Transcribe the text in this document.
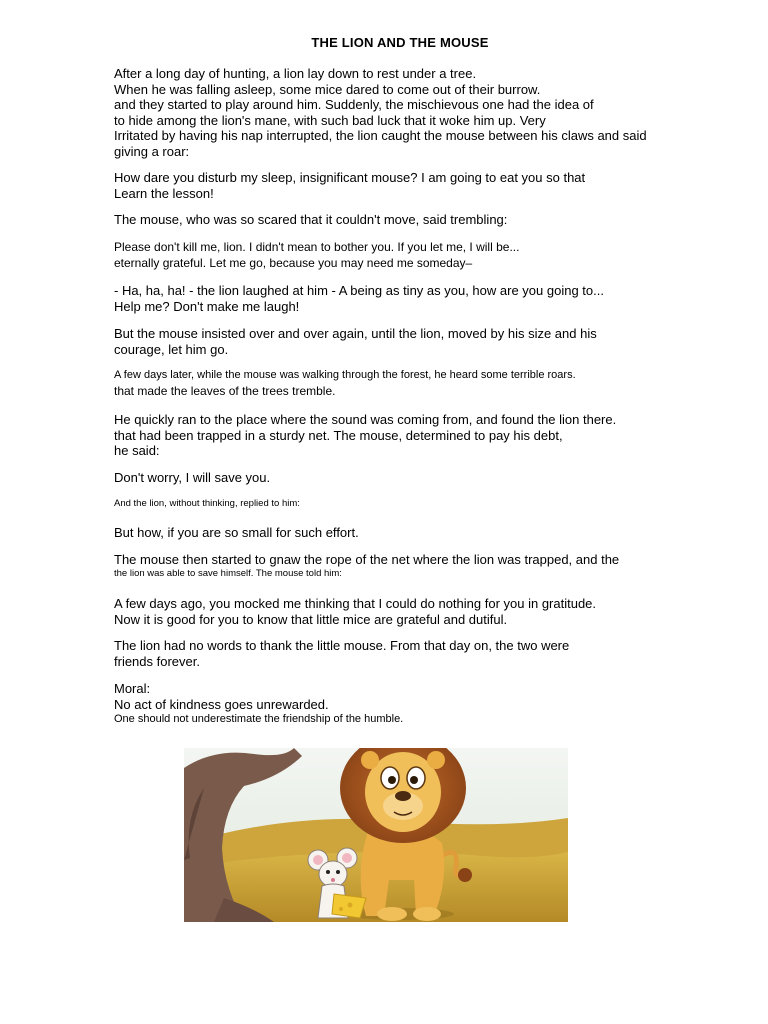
THE LION AND THE MOUSE
After a long day of hunting, a lion lay down to rest under a tree.
When he was falling asleep, some mice dared to come out of their burrow.
and they started to play around him. Suddenly, the mischievous one had the idea of
to hide among the lion's mane, with such bad luck that it woke him up. Very
Irritated by having his nap interrupted, the lion caught the mouse between his claws and said
giving a roar:
How dare you disturb my sleep, insignificant mouse? I am going to eat you so that
Learn the lesson!
The mouse, who was so scared that it couldn't move, said trembling:
Please don't kill me, lion. I didn't mean to bother you. If you let me, I will be...
eternally grateful. Let me go, because you may need me someday–
- Ha, ha, ha! - the lion laughed at him - A being as tiny as you, how are you going to...
Help me? Don't make me laugh!
But the mouse insisted over and over again, until the lion, moved by his size and his
courage, let him go.
A few days later, while the mouse was walking through the forest, he heard some terrible roars.
that made the leaves of the trees tremble.
He quickly ran to the place where the sound was coming from, and found the lion there.
that had been trapped in a sturdy net. The mouse, determined to pay his debt,
he said:
Don't worry, I will save you.
And the lion, without thinking, replied to him:
But how, if you are so small for such effort.
The mouse then started to gnaw the rope of the net where the lion was trapped, and the
the lion was able to save himself. The mouse told him:
A few days ago, you mocked me thinking that I could do nothing for you in gratitude.
Now it is good for you to know that little mice are grateful and dutiful.
The lion had no words to thank the little mouse. From that day on, the two were
friends forever.
Moral:
No act of kindness goes unrewarded.
One should not underestimate the friendship of the humble.
